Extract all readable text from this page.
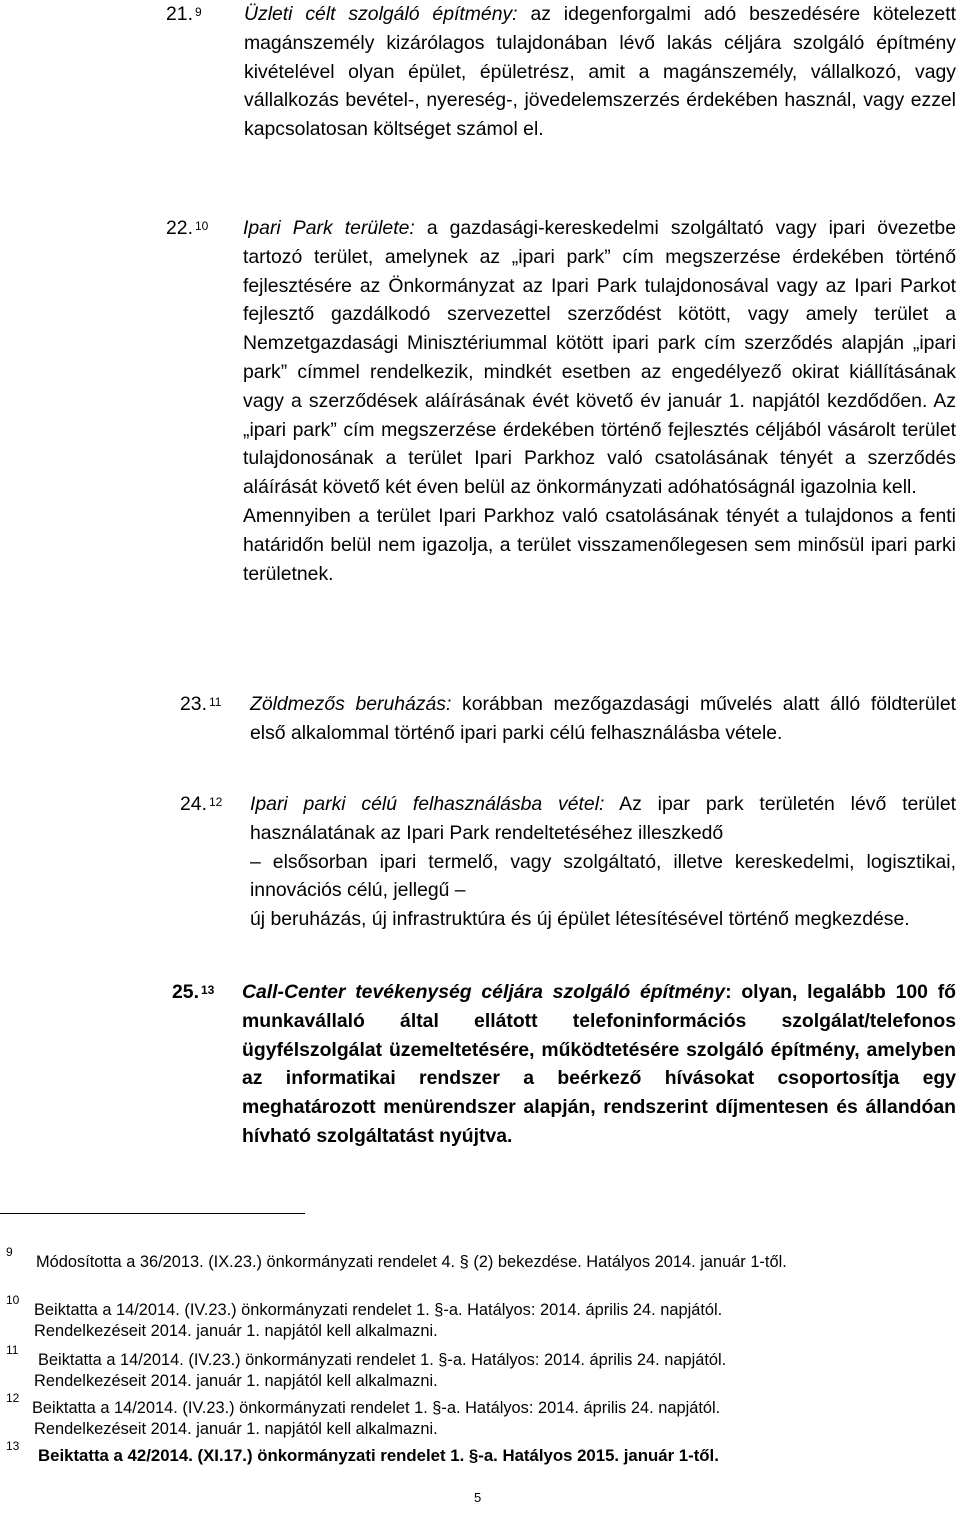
21. $^9$ Üzleti célt szolgáló építmény: az idegenforgalmi adó beszedésére kötelezett magánszemély kizárólagos tulajdonában lévő lakás céljára szolgáló építmény kivételével olyan épület, épületrész, amit a magánszemély, vállalkozó, vagy vállalkozás bevétel-, nyereség-, jövedelemszerzés érdekében használ, vagy ezzel kapcsolatosan költséget számol el.

22. $^{10}$ Ipari Park területe: a gazdasági-kereskedelmi szolgáltató vagy ipari övezetbe tartozó terület, amelynek az „ipari park” cím megszerzése érdekében történő fejlesztésére az Önkormányzat az Ipari Park tulajdonosával vagy az Ipari Parkot fejlesztő gazdálkodó szervezettel szerződést kötött, vagy amely terület a Nemzetgazdasági Minisztériummal kötött ipari park cím szerződés alapján „ipari park” címmel rendelkezik, mindkét esetben az engedélyező okirat kiállításának vagy a szerződések aláírásának évét követő év január 1. napjától kezdődően. Az „ipari park” cím megszerzése érdekében történő fejlesztés céljából vásárolt terület tulajdonosának a terület Ipari Parkhoz való csatolásának tényét a szerződés aláírását követő két éven belül az önkormányzati adóhatóságnál igazolnia kell.

Amennyiben a terület Ipari Parkhoz való csatolásának tényét a tulajdonos a fenti határidőn belül nem igazolja, a terület visszamenőlegesen sem minősül ipari parki területnek.

23. $^{11}$ Zöldmezős beruházás: korábban mezőgazdasági művelés alatt álló földterület első alkalommal történő ipari parki célú felhasználásba vétele.

24. $^{12}$ Ipari parki célú felhasználásba vétel: Az ipar park területén lévő terület használatának az Ipari Park rendeltetéséhez illeszkedő

– elsősorban ipari termelő, vagy szolgáltató, illetve kereskedelmi, logisztikai, innovációs célú, jellegű –

új beruházás, új infrastruktúra és új épület létesítésével történő megkezdése.

25. $^{13}$ Call-Center tevékenység céljára szolgáló építmény: olyan, legalább 100 fő munkavállaló által ellátott telefoninformációs szolgálat/telefonos ügyfélszolgálat üzemeltetésére, működtetésére szolgáló építmény, amelyben az informatikai rendszer a beérkező hívásokat csoportosítja egy meghatározott menürendszer alapján, rendszerint díjmentesen és állandóan hívható szolgáltatást nyújtva.

9
Módosította a 36/2013. (IX.23.) önkormányzati rendelet 4. § (2) bekezdése. Hatályos 2014. január 1-től.
10
Beiktatta a 14/2014. (IV.23.) önkormányzati rendelet 1. §-a. Hatályos: 2014. április 24. napjától.
Rendelkezéseit 2014. január 1. napjától kell alkalmazni.
11
Beiktatta a 14/2014. (IV.23.) önkormányzati rendelet 1. §-a. Hatályos: 2014. április 24. napjától.
Rendelkezéseit 2014. január 1. napjától kell alkalmazni.
12
Beiktatta a 14/2014. (IV.23.) önkormányzati rendelet 1. §-a. Hatályos: 2014. április 24. napjától.
Rendelkezéseit 2014. január 1. napjától kell alkalmazni.
13 Beiktatta a 42/2014. (XI.17.) önkormányzati rendelet 1. §-a. Hatályos 2015. január 1-től.
5
